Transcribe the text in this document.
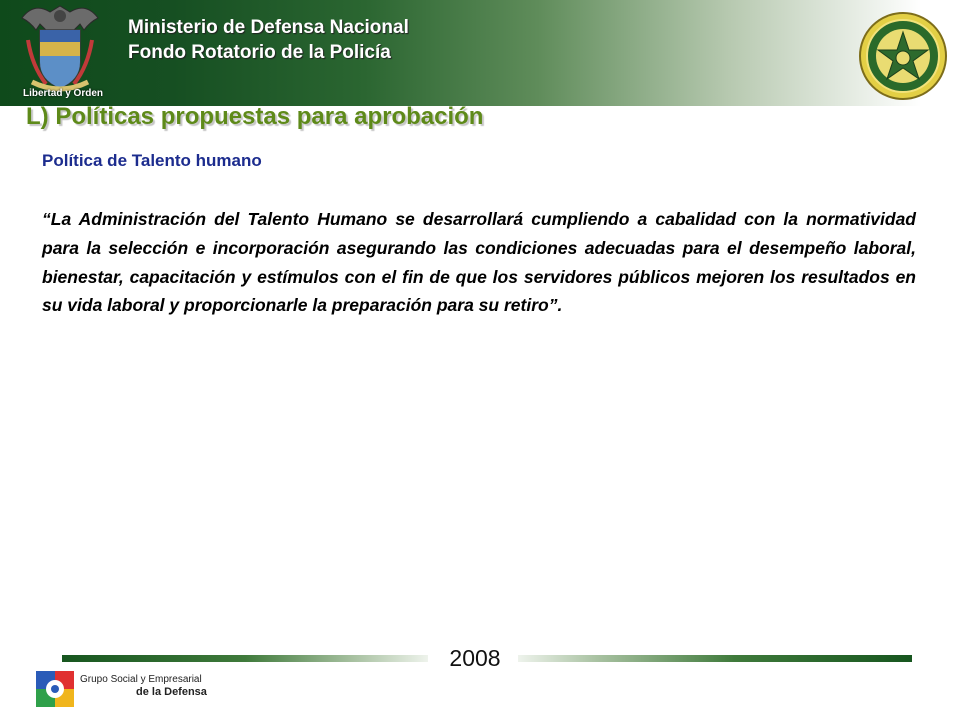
Libertad y Orden
Ministerio de Defensa Nacional
Fondo Rotatorio de la Policía
L) Políticas propuestas para aprobación
Política de Talento humano
“La Administración del Talento Humano se desarrollará cumpliendo a cabalidad con la normatividad para la selección e incorporación asegurando las condiciones adecuadas para el desempeño laboral, bienestar, capacitación y estímulos con el fin de que los servidores públicos mejoren los resultados en su vida laboral y proporcionarle la preparación para su retiro”.
2008
Grupo Social y Empresarial
de la Defensa
